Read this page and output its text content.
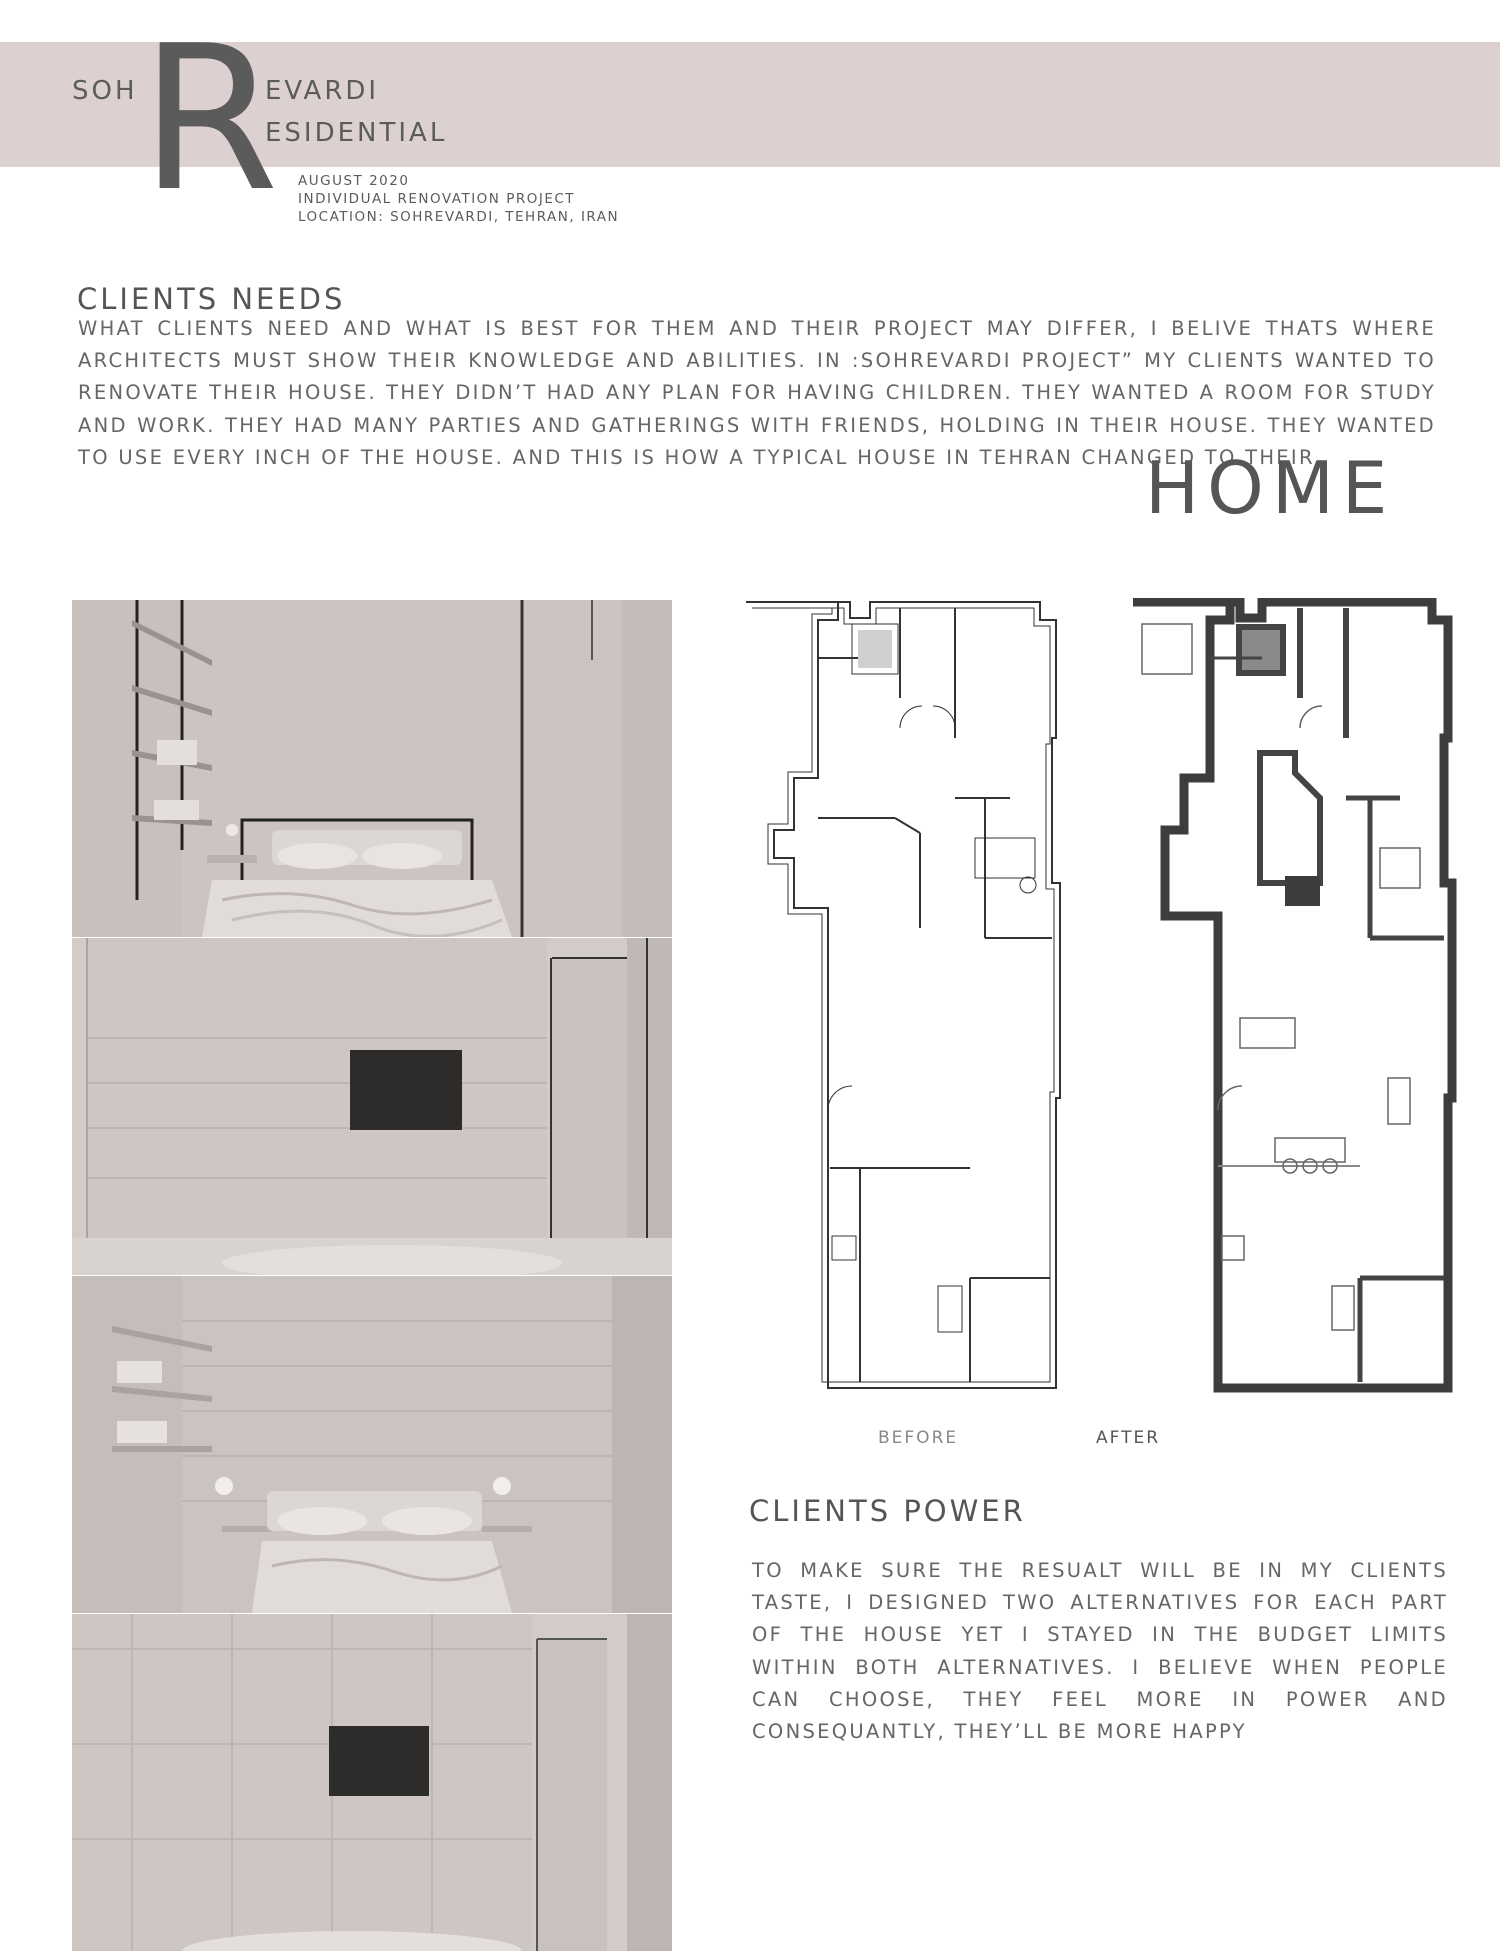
R
SOH	EVARDI
ESIDENTIAL
AUGUST 2020
INDIVIDUAL RENOVATION PROJECT
LOCATION: SOHREVARDI, TEHRAN, IRAN
CLIENTS NEEDS
WHAT CLIENTS NEED AND WHAT IS BEST FOR THEM AND THEIR PROJECT MAY DIFFER, I BELIVE THATS WHERE ARCHITECTS MUST SHOW THEIR KNOWLEDGE AND ABILITIES. IN :SOHREVARDI PROJECT” MY CLIENTS WANTED TO RENOVATE THEIR HOUSE. THEY DIDN’T HAD ANY PLAN FOR HAVING CHILDREN. THEY WANTED A ROOM FOR STUDY AND WORK. THEY HAD MANY PARTIES AND GATHERINGS WITH FRIENDS, HOLDING IN THEIR HOUSE. THEY WANTED TO USE EVERY INCH OF THE HOUSE. AND THIS IS HOW A TYPICAL HOUSE IN TEHRAN CHANGED TO THEIR
HOME
BEFORE	AFTER
CLIENTS POWER
TO MAKE SURE THE RESUALT WILL BE IN MY CLIENTS TASTE, I DESIGNED TWO ALTERNATIVES FOR EACH PART OF THE HOUSE YET I STAYED IN THE BUDGET LIMITS WITHIN BOTH ALTERNATIVES. I BELIEVE WHEN PEOPLE CAN CHOOSE, THEY FEEL MORE IN POWER AND CONSEQUANTLY, THEY’LL BE MORE HAPPY
